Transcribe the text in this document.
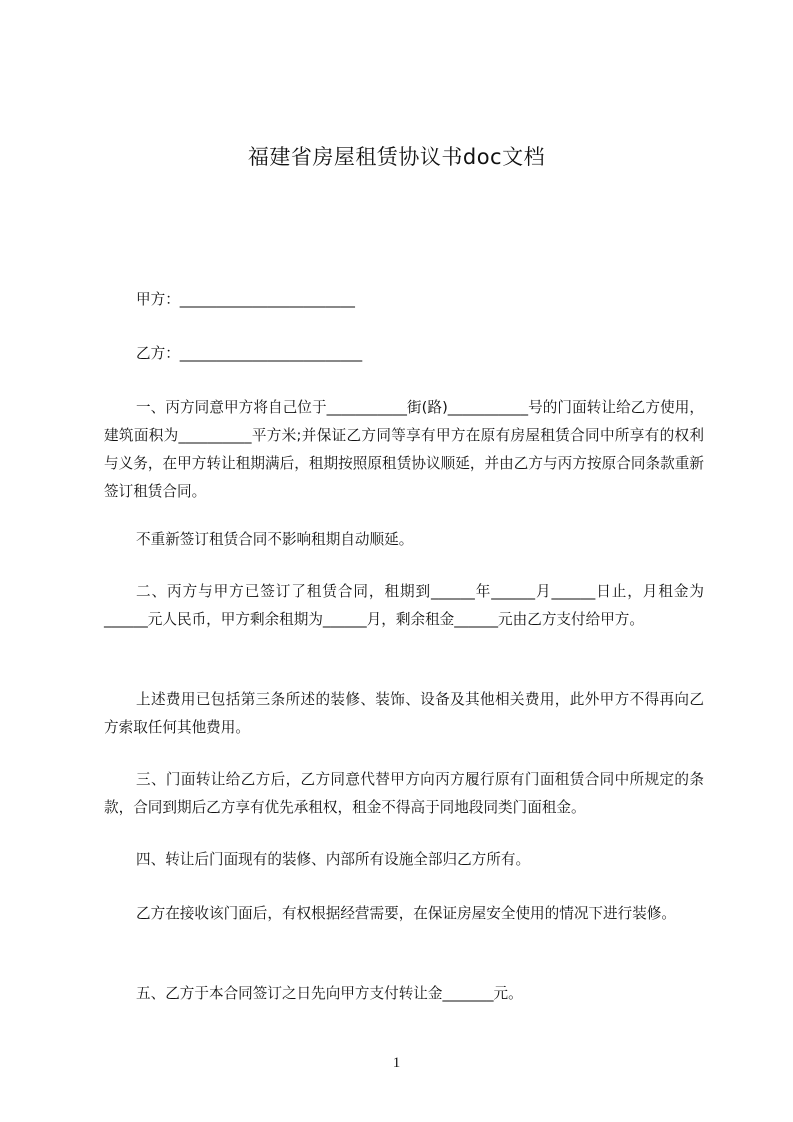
福建省房屋租赁协议书doc文档
甲方：________________________
乙方：_________________________
一、丙方同意甲方将自己位于___________街(路)___________号的门面转让给乙方使用，建筑面积为__________平方米;并保证乙方同等享有甲方在原有房屋租赁合同中所享有的权利与义务，在甲方转让租期满后，租期按照原租赁协议顺延，并由乙方与丙方按原合同条款重新签订租赁合同。
不重新签订租赁合同不影响租期自动顺延。
二、丙方与甲方已签订了租赁合同，租期到______年______月______日止，月租金为______元人民币，甲方剩余租期为______月，剩余租金______元由乙方支付给甲方。
上述费用已包括第三条所述的装修、装饰、设备及其他相关费用，此外甲方不得再向乙方索取任何其他费用。
三、门面转让给乙方后，乙方同意代替甲方向丙方履行原有门面租赁合同中所规定的条款，合同到期后乙方享有优先承租权，租金不得高于同地段同类门面租金。
四、转让后门面现有的装修、内部所有设施全部归乙方所有。
乙方在接收该门面后，有权根据经营需要，在保证房屋安全使用的情况下进行装修。
五、乙方于本合同签订之日先向甲方支付转让金_______元。
1
